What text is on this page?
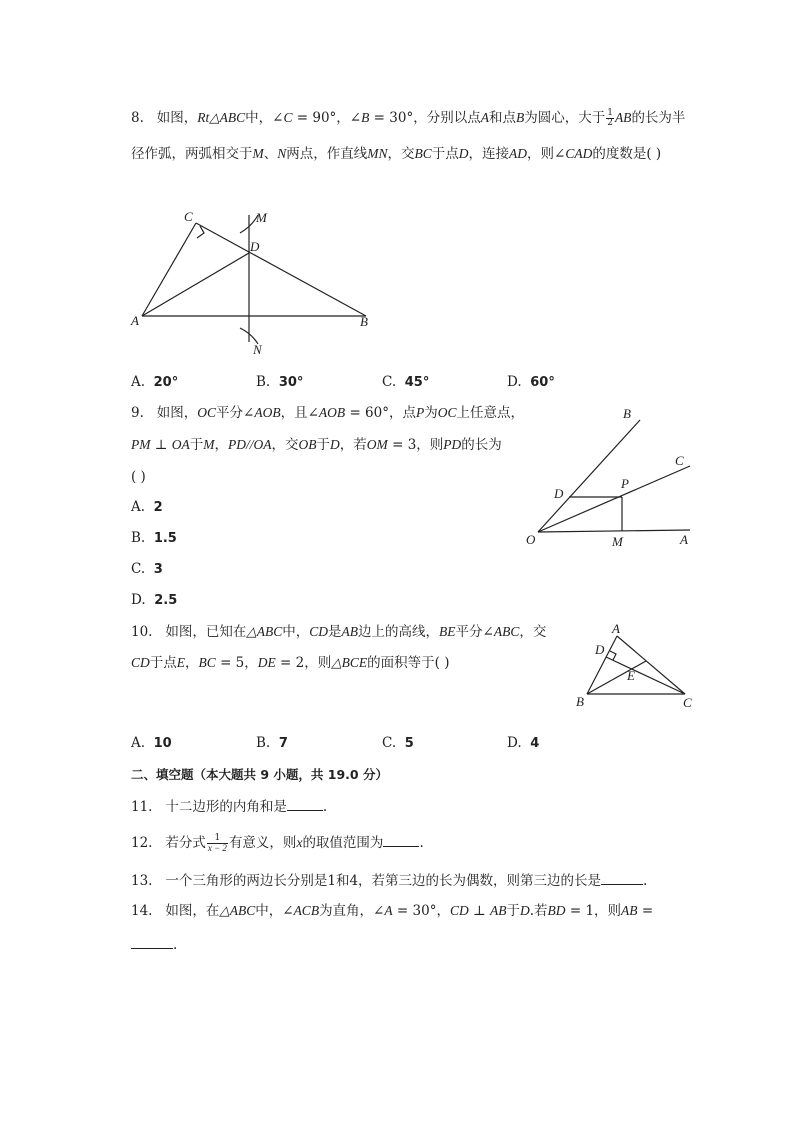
8. 如图，Rt△ABC中，∠C = 90°，∠B = 30°，分别以点A和点B为圆心，大于 $\frac{1}{2}$ AB的长为半
径作弧，两弧相交于M、N两点，作直线MN，交BC于点D，连接AD，则∠CAD的度数是( )
C	M
D
A	B
N
A. 20°	B. 30°	C. 45°	D. 60°
9. 如图，OC平分∠AOB，且∠AOB = 60°，点P为OC上任意点，
PM ⊥ OA于M，PD//OA，交OB于D，若OM = 3，则PD的长为
( )
A. 2
B. 1.5
C. 3
D. 2.5
B
C
D
P
O	M	A
10. 如图，已知在△ABC中，CD是AB边上的高线，BE平分∠ABC，交
CD于点E，BC = 5，DE = 2，则△BCE的面积等于( )
A
D
E
B	C
A. 10	B. 7	C. 5	D. 4
二、填空题（本大题共 9 小题，共 19.0 分）
11. 十二边形的内角和是	.
12. 若分式 $\frac{1}{x - 2}$ 有意义，则x的取值范围为	.
13. 一个三角形的两边长分别是1和4，若第三边的长为偶数，则第三边的长是	.
14. 如图，在△ABC中，∠ACB为直角，∠A = 30°，CD ⊥ AB于D.若BD = 1，则AB =
.
